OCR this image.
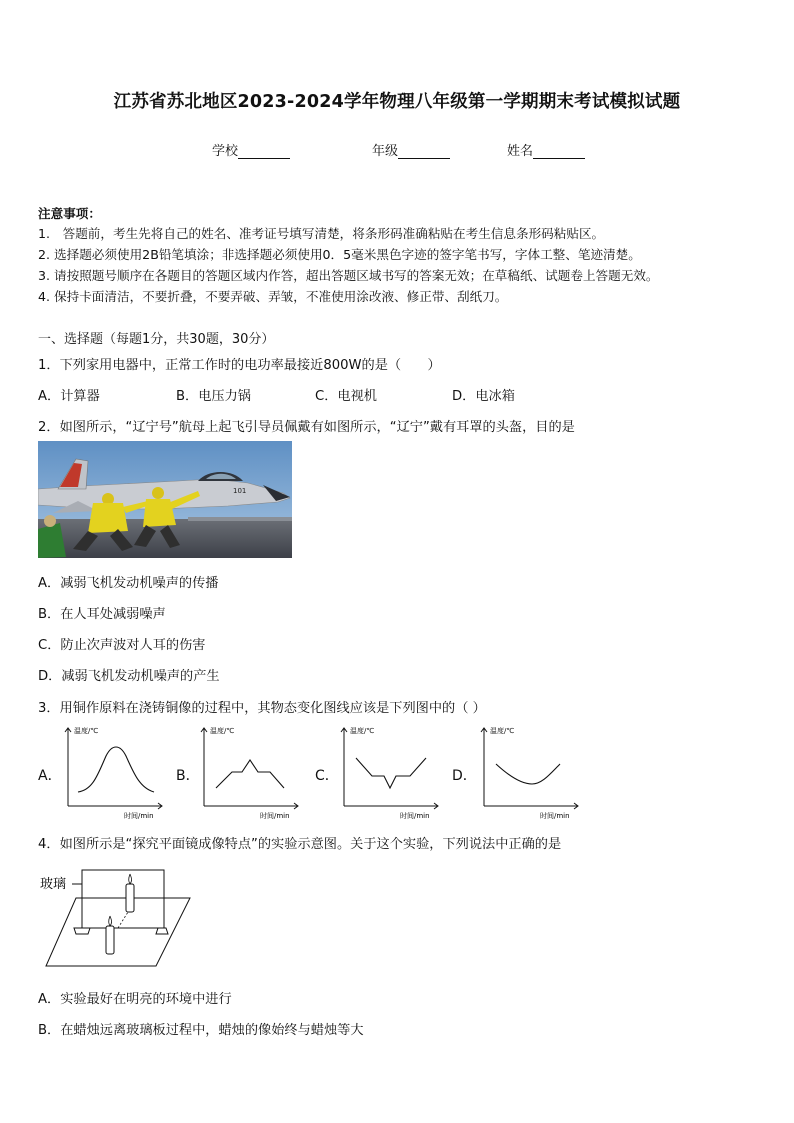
江苏省苏北地区2023-2024学年物理八年级第一学期期末考试模拟试题
学校	年级	姓名
注意事项：
1.　答题前，考生先将自己的姓名、准考证号填写清楚，将条形码准确粘贴在考生信息条形码粘贴区。
2. 选择题必须使用2B铅笔填涂；非选择题必须使用0．5毫米黑色字迹的签字笔书写，字体工整、笔迹清楚。
3. 请按照题号顺序在各题目的答题区域内作答，超出答题区域书写的答案无效；在草稿纸、试题卷上答题无效。
4. 保持卡面清洁，不要折叠，不要弄破、弄皱，不准使用涂改液、修正带、刮纸刀。
一、选择题（每题1分，共30题，30分）
1．下列家用电器中，正常工作时的电功率最接近800W的是（　　）
A．计算器	B．电压力锅	C．电视机	D．电冰箱
2．如图所示，“辽宁号”航母上起飞引导员佩戴有如图所示，“辽宁”戴有耳罩的头盔，目的是
101
A．减弱飞机发动机噪声的传播
B．在人耳处减弱噪声
C．防止次声波对人耳的伤害
D．减弱飞机发动机噪声的产生
3．用铜作原料在浇铸铜像的过程中，其物态变化图线应该是下列图中的（ ）
A．
温度/℃
时间/min
B．
温度/℃
时间/min
C．
温度/℃
时间/min
D．
温度/℃
时间/min
4．如图所示是“探究平面镜成像特点”的实验示意图。关于这个实验，下列说法中正确的是
玻璃
A．实验最好在明亮的环境中进行
B．在蜡烛远离玻璃板过程中，蜡烛的像始终与蜡烛等大
